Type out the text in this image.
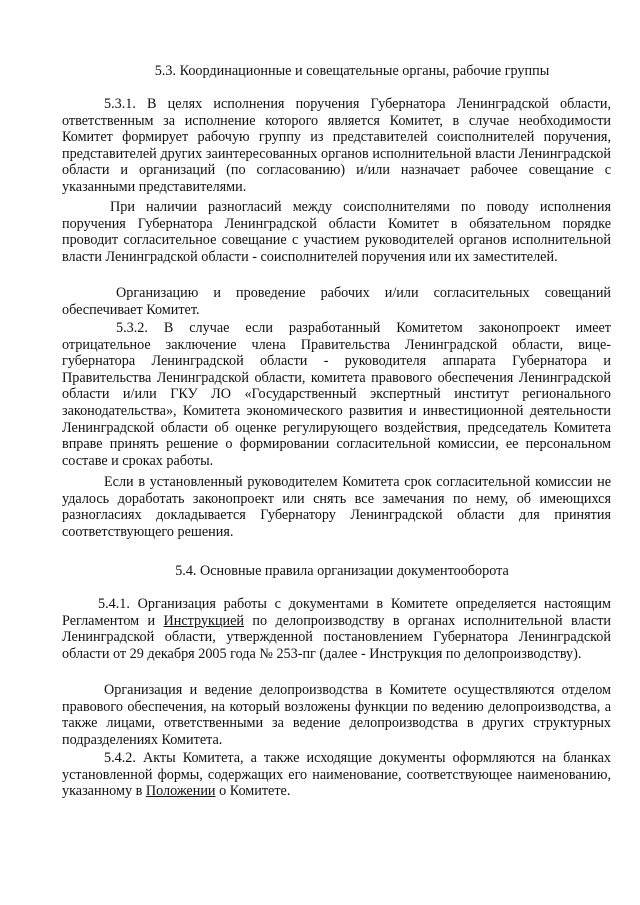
5.3. Координационные и совещательные органы, рабочие группы
5.3.1. В целях исполнения поручения Губернатора Ленинградской области, ответственным за исполнение которого является Комитет, в случае необходимости Комитет формирует рабочую группу из представителей соисполнителей поручения, представителей других заинтересованных органов исполнительной власти Ленинградской области и организаций (по согласованию) и/или назначает рабочее совещание с указанными представителями.
При наличии разногласий между соисполнителями по поводу исполнения поручения Губернатора Ленинградской области Комитет в обязательном порядке проводит согласительное совещание с участием руководителей органов исполнительной власти Ленинградской области - соисполнителей поручения или их заместителей.
Организацию и проведение рабочих и/или согласительных совещаний обеспечивает Комитет.
5.3.2. В случае если разработанный Комитетом законопроект имеет отрицательное заключение члена Правительства Ленинградской области, вице-губернатора Ленинградской области - руководителя аппарата Губернатора и Правительства Ленинградской области, комитета правового обеспечения Ленинградской области и/или ГКУ ЛО «Государственный экспертный институт регионального законодательства», Комитета экономического развития и инвестиционной деятельности Ленинградской области об оценке регулирующего воздействия, председатель Комитета вправе принять решение о формировании согласительной комиссии, ее персональном составе и сроках работы.
Если в установленный руководителем Комитета срок согласительной комиссии не удалось доработать законопроект или снять все замечания по нему, об имеющихся разногласиях докладывается Губернатору Ленинградской области для принятия соответствующего решения.
5.4. Основные правила организации документооборота
5.4.1. Организация работы с документами в Комитете определяется настоящим Регламентом и Инструкцией по делопроизводству в органах исполнительной власти Ленинградской области, утвержденной постановлением Губернатора Ленинградской области от 29 декабря 2005 года № 253-пг (далее - Инструкция по делопроизводству).
Организация и ведение делопроизводства в Комитете осуществляются отделом правового обеспечения, на который возложены функции по ведению делопроизводства, а также лицами, ответственными за ведение делопроизводства в других структурных подразделениях Комитета.
5.4.2. Акты Комитета, а также исходящие документы оформляются на бланках установленной формы, содержащих его наименование, соответствующее наименованию, указанному в Положении о Комитете.
